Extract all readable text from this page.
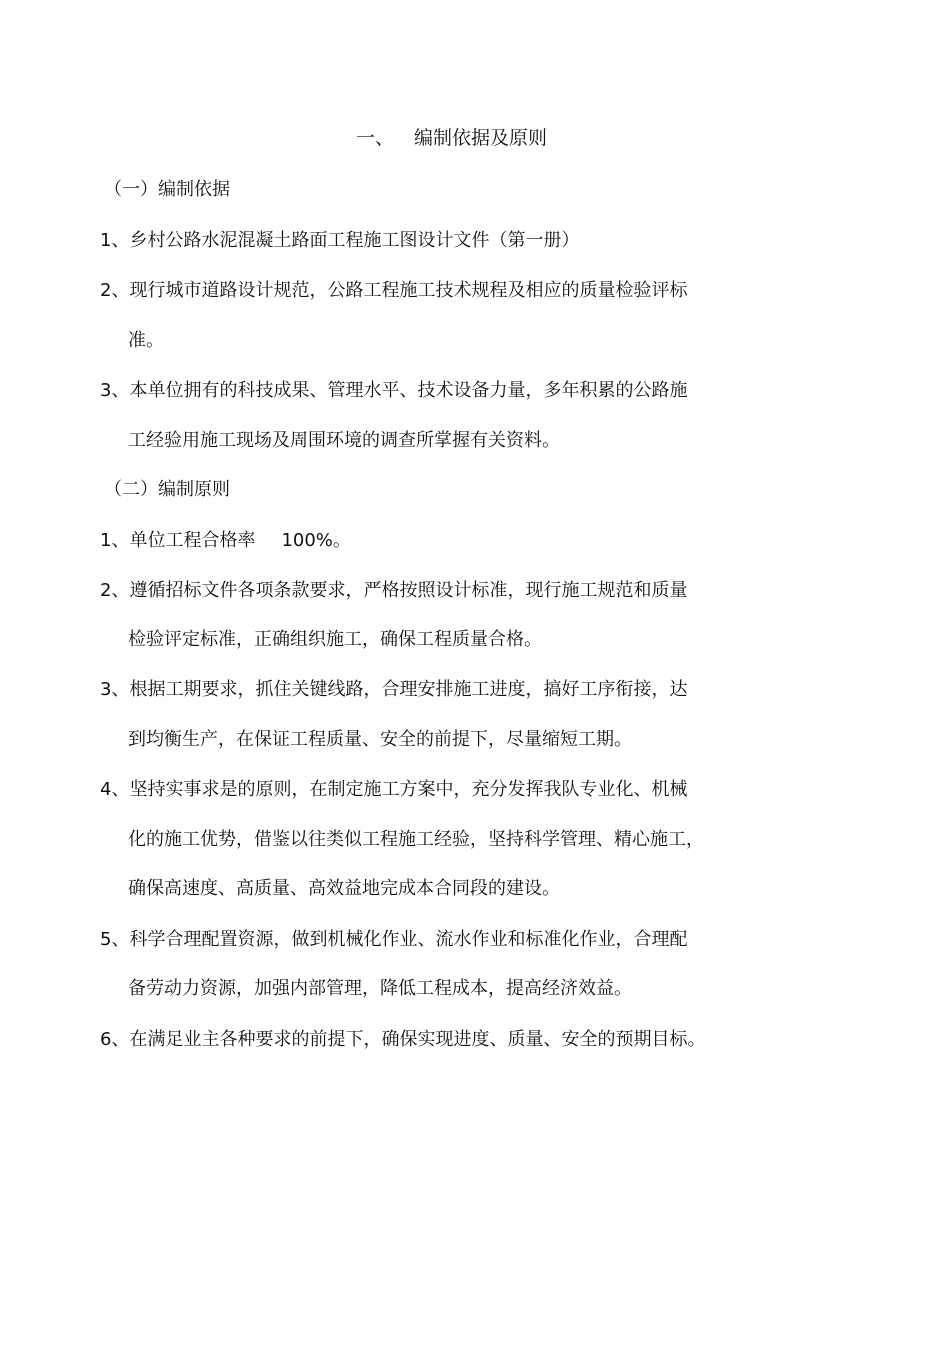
一、 编制依据及原则
（一）编制依据
1、乡村公路水泥混凝土路面工程施工图设计文件（第一册）
2、现行城市道路设计规范，公路工程施工技术规程及相应的质量检验评标
准。
3、本单位拥有的科技成果、管理水平、技术设备力量，多年积累的公路施
工经验用施工现场及周围环境的调查所掌握有关资料。
（二）编制原则
1、单位工程合格率 100%。
2、遵循招标文件各项条款要求，严格按照设计标准，现行施工规范和质量
检验评定标准，正确组织施工，确保工程质量合格。
3、根据工期要求，抓住关键线路，合理安排施工进度，搞好工序衔接，达
到均衡生产，在保证工程质量、安全的前提下，尽量缩短工期。
4、坚持实事求是的原则，在制定施工方案中，充分发挥我队专业化、机械
化的施工优势，借鉴以往类似工程施工经验，坚持科学管理、精心施工，
确保高速度、高质量、高效益地完成本合同段的建设。
5、科学合理配置资源，做到机械化作业、流水作业和标准化作业，合理配
备劳动力资源，加强内部管理，降低工程成本，提高经济效益。
6、在满足业主各种要求的前提下，确保实现进度、质量、安全的预期目标。
